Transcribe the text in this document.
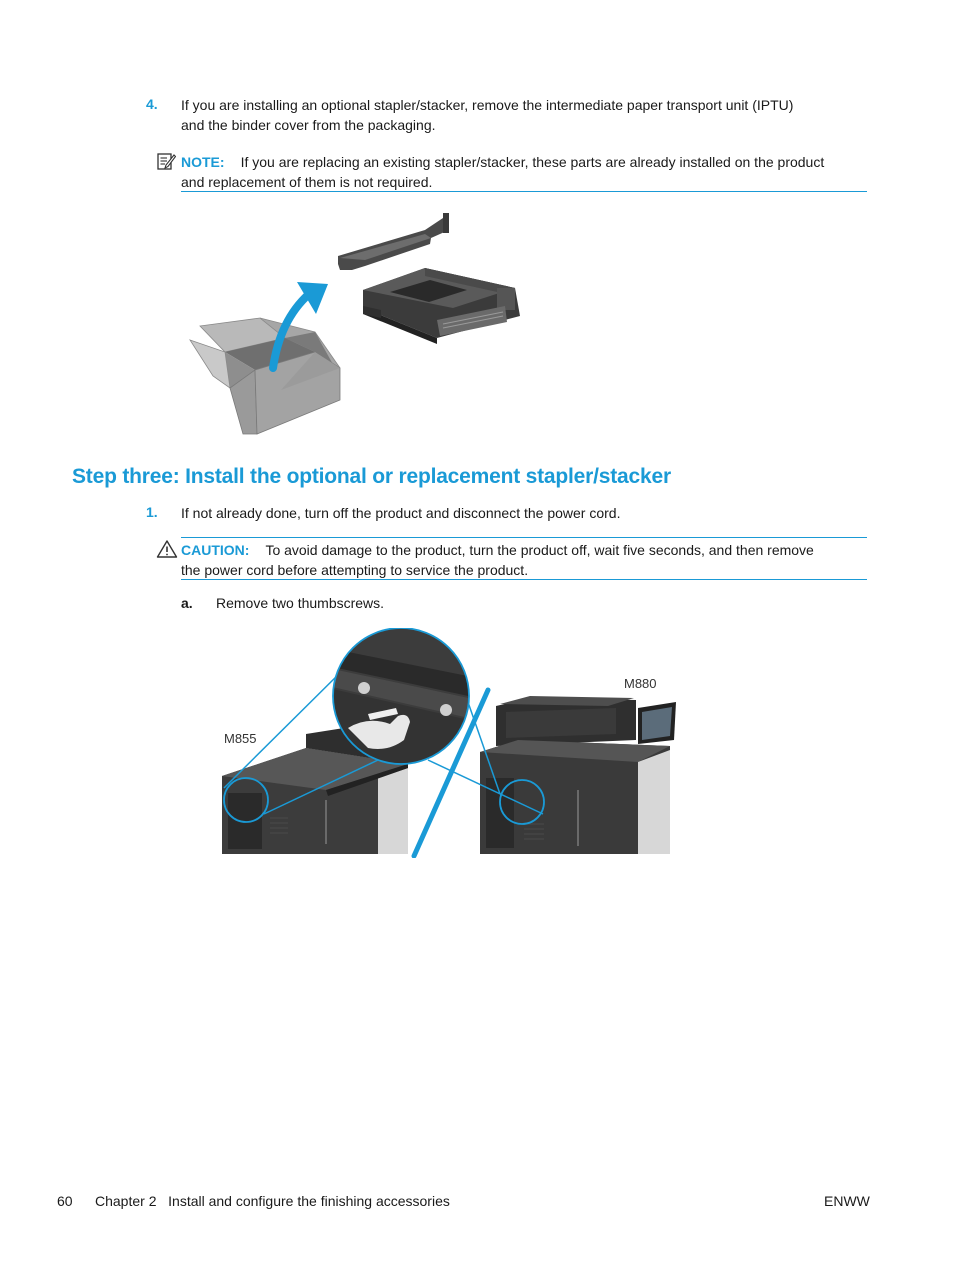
4. If you are installing an optional stapler/stacker, remove the intermediate paper transport unit (IPTU)
and the binder cover from the packaging.
NOTE: If you are replacing an existing stapler/stacker, these parts are already installed on the product
and replacement of them is not required.
Step three: Install the optional or replacement stapler/stacker
1. If not already done, turn off the product and disconnect the power cord.
CAUTION: To avoid damage to the product, turn the product off, wait five seconds, and then remove
the power cord before attempting to service the product.
a. Remove two thumbscrews.
M855
M880
60 Chapter 2   Install and configure the finishing accessories	ENWW
